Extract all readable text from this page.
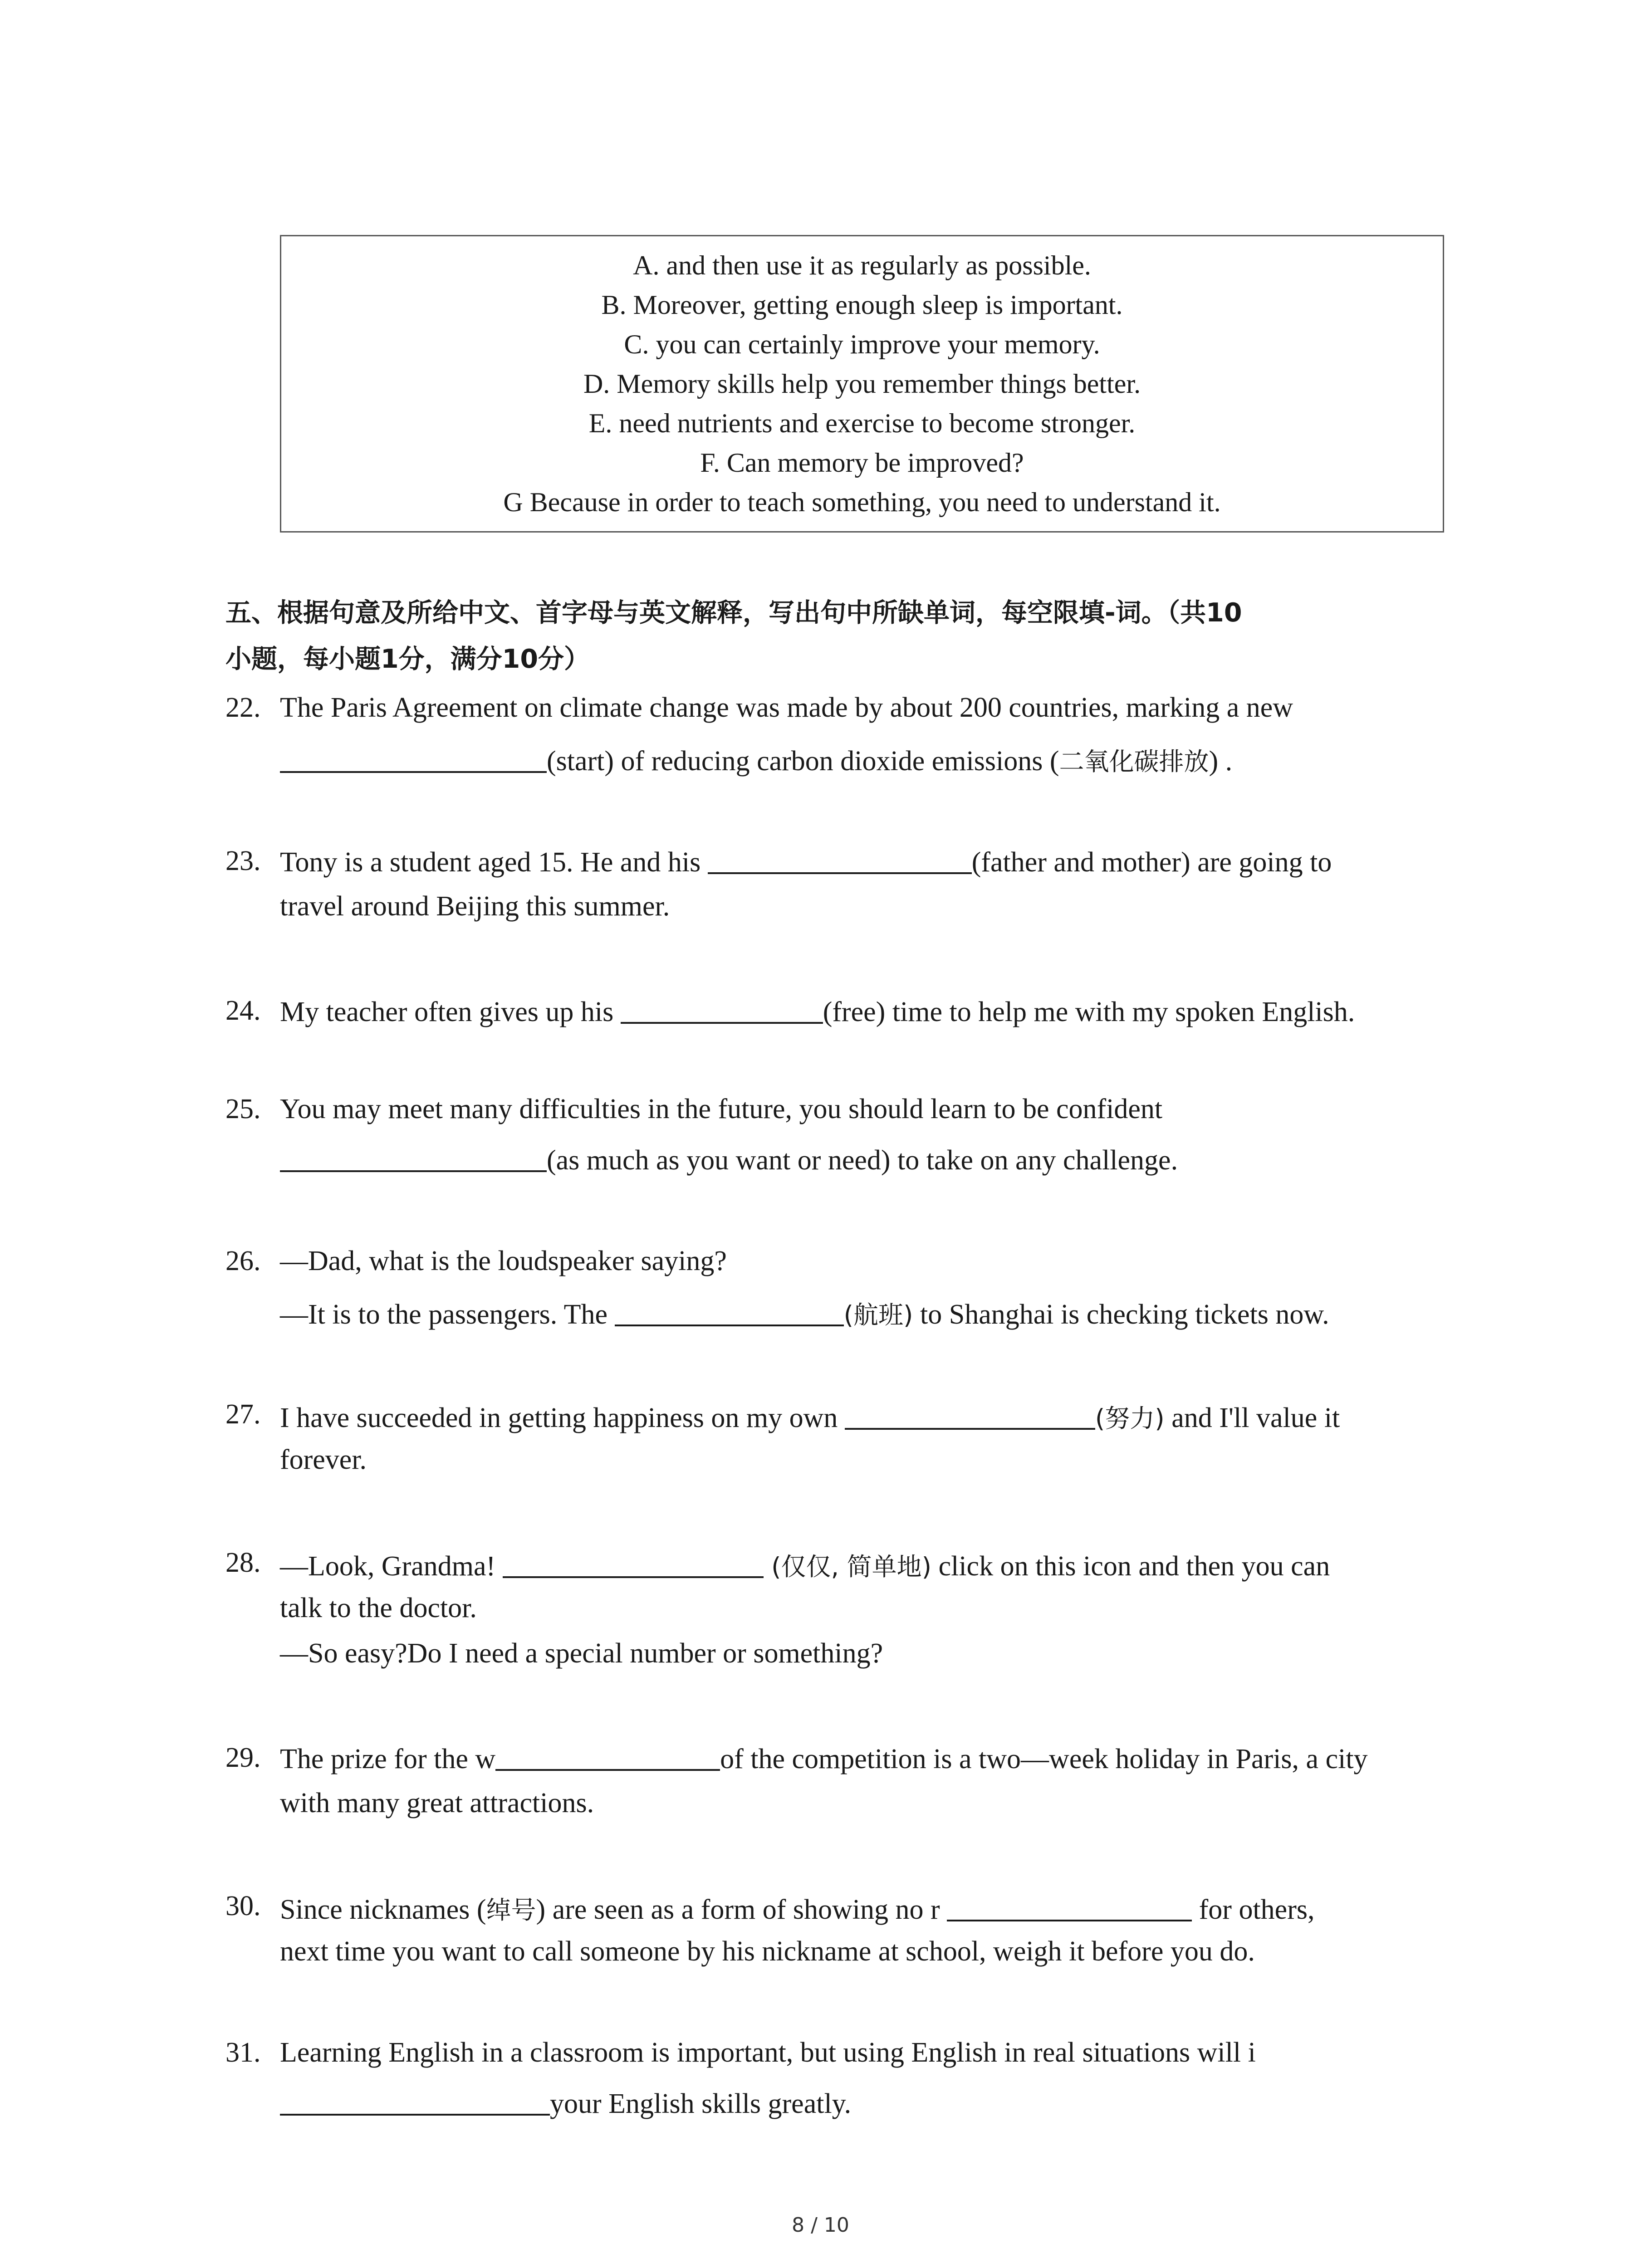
A. and then use it as regularly as possible.
B. Moreover, getting enough sleep is important.
C. you can certainly improve your memory.
D. Memory skills help you remember things better.
E. need nutrients and exercise to become stronger.
F. Can memory be improved?
G Because in order to teach something, you need to understand it.
五、根据句意及所给中文、首字母与英文解释，写出句中所缺单词，每空限填-词。（共10
小题，每小题1分，满分10分）
22. The Paris Agreement on climate change was made by about 200 countries, marking a new
(start) of reducing carbon dioxide emissions (二氧化碳排放) .
23. Tony is a student aged 15. He and his	(father and mother) are going to
travel around Beijing this summer.
24. My teacher often gives up his	(free) time to help me with my spoken English.
25. You may meet many difficulties in the future, you should learn to be confident
(as much as you want or need) to take on any challenge.
26. —Dad, what is the loudspeaker saying?
—It is to the passengers. The	(航班) to Shanghai is checking tickets now.
27. I have succeeded in getting happiness on my own	(努力) and I'll value it
forever.
28. —Look, Grandma!	(仅仅, 简单地) click on this icon and then you can
talk to the doctor.
—So easy?Do I need a special number or something?
29. The prize for the w	of the competition is a two—week holiday in Paris, a city
with many great attractions.
30. Since nicknames (绰号) are seen as a form of showing no r	for others,
next time you want to call someone by his nickname at school, weigh it before you do.
31. Learning English in a classroom is important, but using English in real situations will i
your English skills greatly.
8 / 10
